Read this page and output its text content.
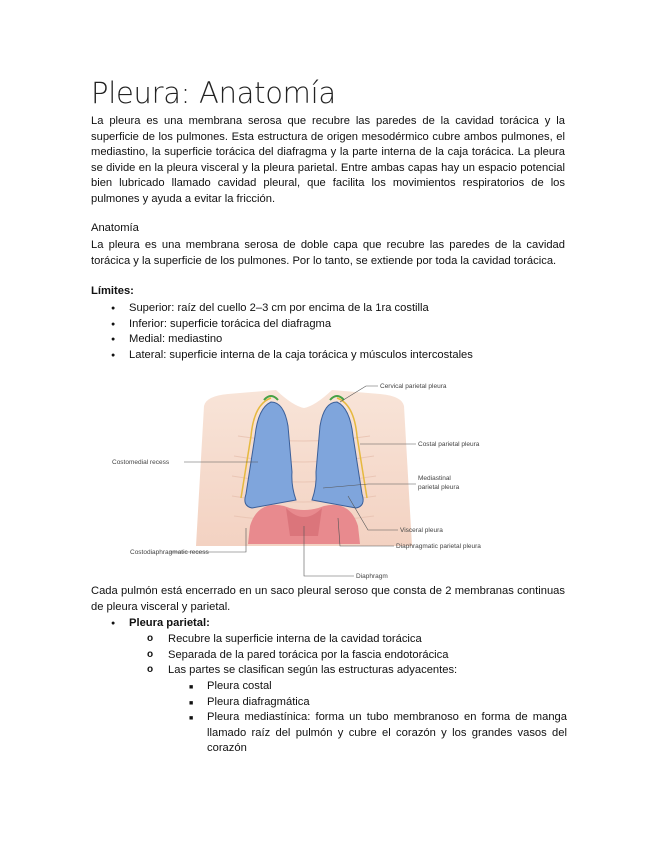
Pleura: Anatomía

La pleura es una membrana serosa que recubre las paredes de la cavidad torácica y la superficie de los pulmones. Esta estructura de origen mesodérmico cubre ambos pulmones, el mediastino, la superficie torácica del diafragma y la parte interna de la caja torácica. La pleura se divide en la pleura visceral y la pleura parietal. Entre ambas capas hay un espacio potencial bien lubricado llamado cavidad pleural, que facilita los movimientos respiratorios de los pulmones y ayuda a evitar la fricción.

Anatomía

La pleura es una membrana serosa de doble capa que recubre las paredes de la cavidad torácica y la superficie de los pulmones. Por lo tanto, se extiende por toda la cavidad torácica.

Límites:

● Superior: raíz del cuello 2–3 cm por encima de la 1ra costilla
● Inferior: superficie torácica del diafragma
● Medial: mediastino
● Lateral: superficie interna de la caja torácica y músculos intercostales
Cervical parietal pleura
Costal parietal pleura
Costomedial recess
Mediastinal
parietal pleura
Visceral pleura
Diaphragmatic parietal pleura
Costodiaphragmatic recess
Diaphragm

Cada pulmón está encerrado en un saco pleural seroso que consta de 2 membranas continuas de pleura visceral y parietal.

● Pleura parietal:
o Recubre la superficie interna de la cavidad torácica
o Separada de la pared torácica por la fascia endotorácica
o Las partes se clasifican según las estructuras adyacentes:
■ Pleura costal
■ Pleura diafragmática
■ Pleura mediastínica: forma un tubo membranoso en forma de manga llamado raíz del pulmón y cubre el corazón y los grandes vasos del corazón
